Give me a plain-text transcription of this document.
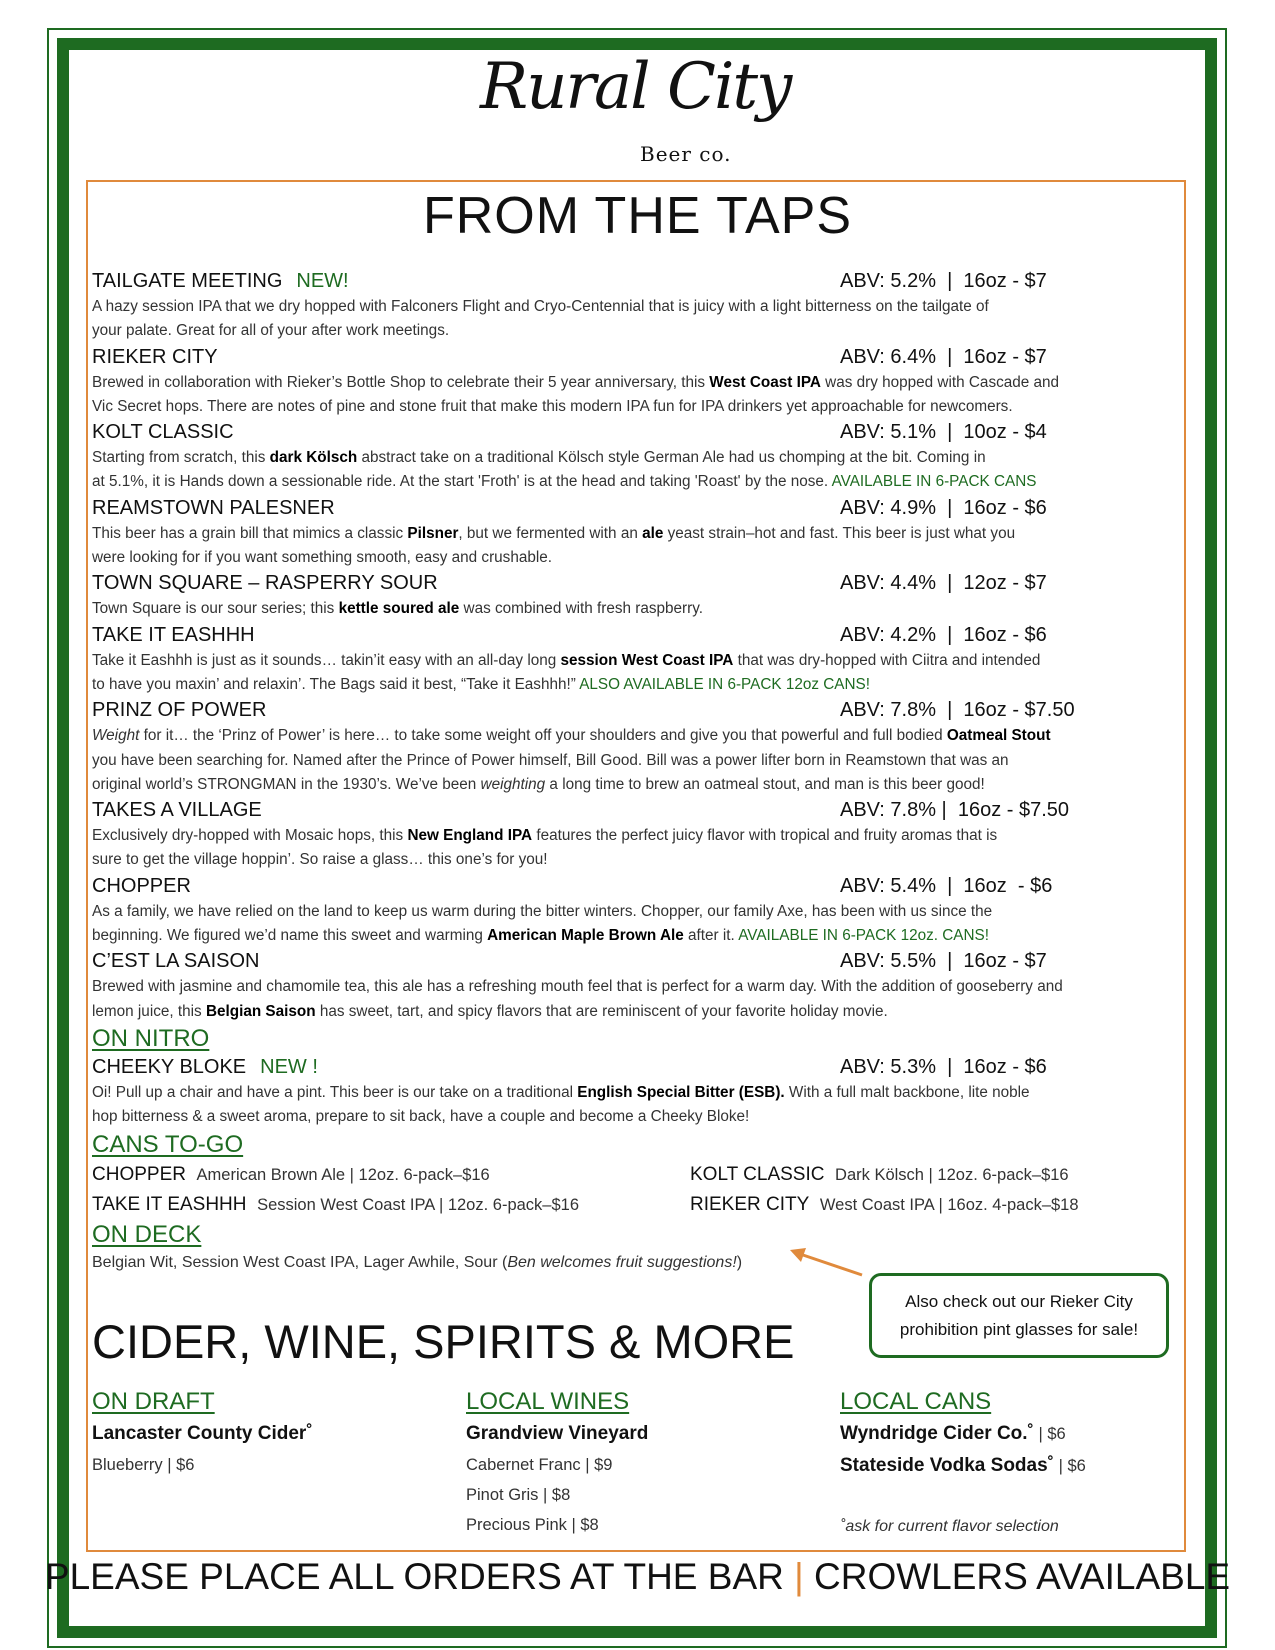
Rural City
Beer co.
FROM THE TAPS
TAILGATE MEETING NEW!	ABV: 5.2%  |  16oz - $7
A hazy session IPA that we dry hopped with Falconers Flight and Cryo-Centennial that is juicy with a light bitterness on the tailgate of
your palate. Great for all of your after work meetings.
RIEKER CITY	ABV: 6.4%  |  16oz - $7
Brewed in collaboration with Rieker’s Bottle Shop to celebrate their 5 year anniversary, this West Coast IPA was dry hopped with Cascade and
Vic Secret hops. There are notes of pine and stone fruit that make this modern IPA fun for IPA drinkers yet approachable for newcomers.
KOLT CLASSIC	ABV: 5.1%  |  10oz - $4
Starting from scratch, this dark Kölsch abstract take on a traditional Kölsch style German Ale had us chomping at the bit. Coming in
at 5.1%, it is Hands down a sessionable ride. At the start 'Froth' is at the head and taking 'Roast' by the nose. AVAILABLE IN 6-PACK CANS
REAMSTOWN PALESNER	ABV: 4.9%  |  16oz - $6
This beer has a grain bill that mimics a classic Pilsner, but we fermented with an ale yeast strain–hot and fast. This beer is just what you
were looking for if you want something smooth, easy and crushable.
TOWN SQUARE – RASPERRY SOUR	ABV: 4.4%  |  12oz - $7
Town Square is our sour series; this kettle soured ale was combined with fresh raspberry.
TAKE IT EASHHH	ABV: 4.2%  |  16oz - $6
Take it Eashhh is just as it sounds… takin’it easy with an all-day long session West Coast IPA that was dry-hopped with Ciitra and intended
to have you maxin’ and relaxin’. The Bags said it best, “Take it Eashhh!” ALSO AVAILABLE IN 6-PACK 12oz CANS!
PRINZ OF POWER	ABV: 7.8%  |  16oz - $7.50
Weight for it… the ‘Prinz of Power’ is here… to take some weight off your shoulders and give you that powerful and full bodied Oatmeal Stout
you have been searching for. Named after the Prince of Power himself, Bill Good. Bill was a power lifter born in Reamstown that was an
original world’s STRONGMAN in the 1930’s. We’ve been weighting a long time to brew an oatmeal stout, and man is this beer good!
TAKES A VILLAGE	ABV: 7.8% |  16oz - $7.50
Exclusively dry-hopped with Mosaic hops, this New England IPA features the perfect juicy flavor with tropical and fruity aromas that is
sure to get the village hoppin’. So raise a glass… this one’s for you!
CHOPPER	ABV: 5.4%  |  16oz  - $6
As a family, we have relied on the land to keep us warm during the bitter winters. Chopper, our family Axe, has been with us since the
beginning. We figured we’d name this sweet and warming American Maple Brown Ale after it. AVAILABLE IN 6-PACK 12oz. CANS!
C’EST LA SAISON	ABV: 5.5%  |  16oz - $7
Brewed with jasmine and chamomile tea, this ale has a refreshing mouth feel that is perfect for a warm day. With the addition of gooseberry and
lemon juice, this Belgian Saison has sweet, tart, and spicy flavors that are reminiscent of your favorite holiday movie.
ON NITRO
CHEEKY BLOKE NEW !	ABV: 5.3%  |  16oz - $6
Oi! Pull up a chair and have a pint. This beer is our take on a traditional English Special Bitter (ESB). With a full malt backbone, lite noble
hop bitterness & a sweet aroma, prepare to sit back, have a couple and become a Cheeky Bloke!
CANS TO-GO
CHOPPER American Brown Ale | 12oz. 6-pack–$16	KOLT CLASSIC Dark Kölsch | 12oz. 6-pack–$16
TAKE IT EASHHH Session West Coast IPA | 12oz. 6-pack–$16	RIEKER CITY West Coast IPA | 16oz. 4-pack–$18
ON DECK
Belgian Wit, Session West Coast IPA, Lager Awhile, Sour (Ben welcomes fruit suggestions!)
Also check out our Rieker City
prohibition pint glasses for sale!
CIDER, WINE, SPIRITS & MORE
ON DRAFT
Lancaster County Cider˚
Blueberry | $6
LOCAL WINES
Grandview Vineyard
Cabernet Franc | $9
Pinot Gris | $8
Precious Pink | $8
LOCAL CANS
Wyndridge Cider Co.˚ | $6
Stateside Vodka Sodas˚ | $6
˚ask for current flavor selection
PLEASE PLACE ALL ORDERS AT THE BAR | CROWLERS AVAILABLE
